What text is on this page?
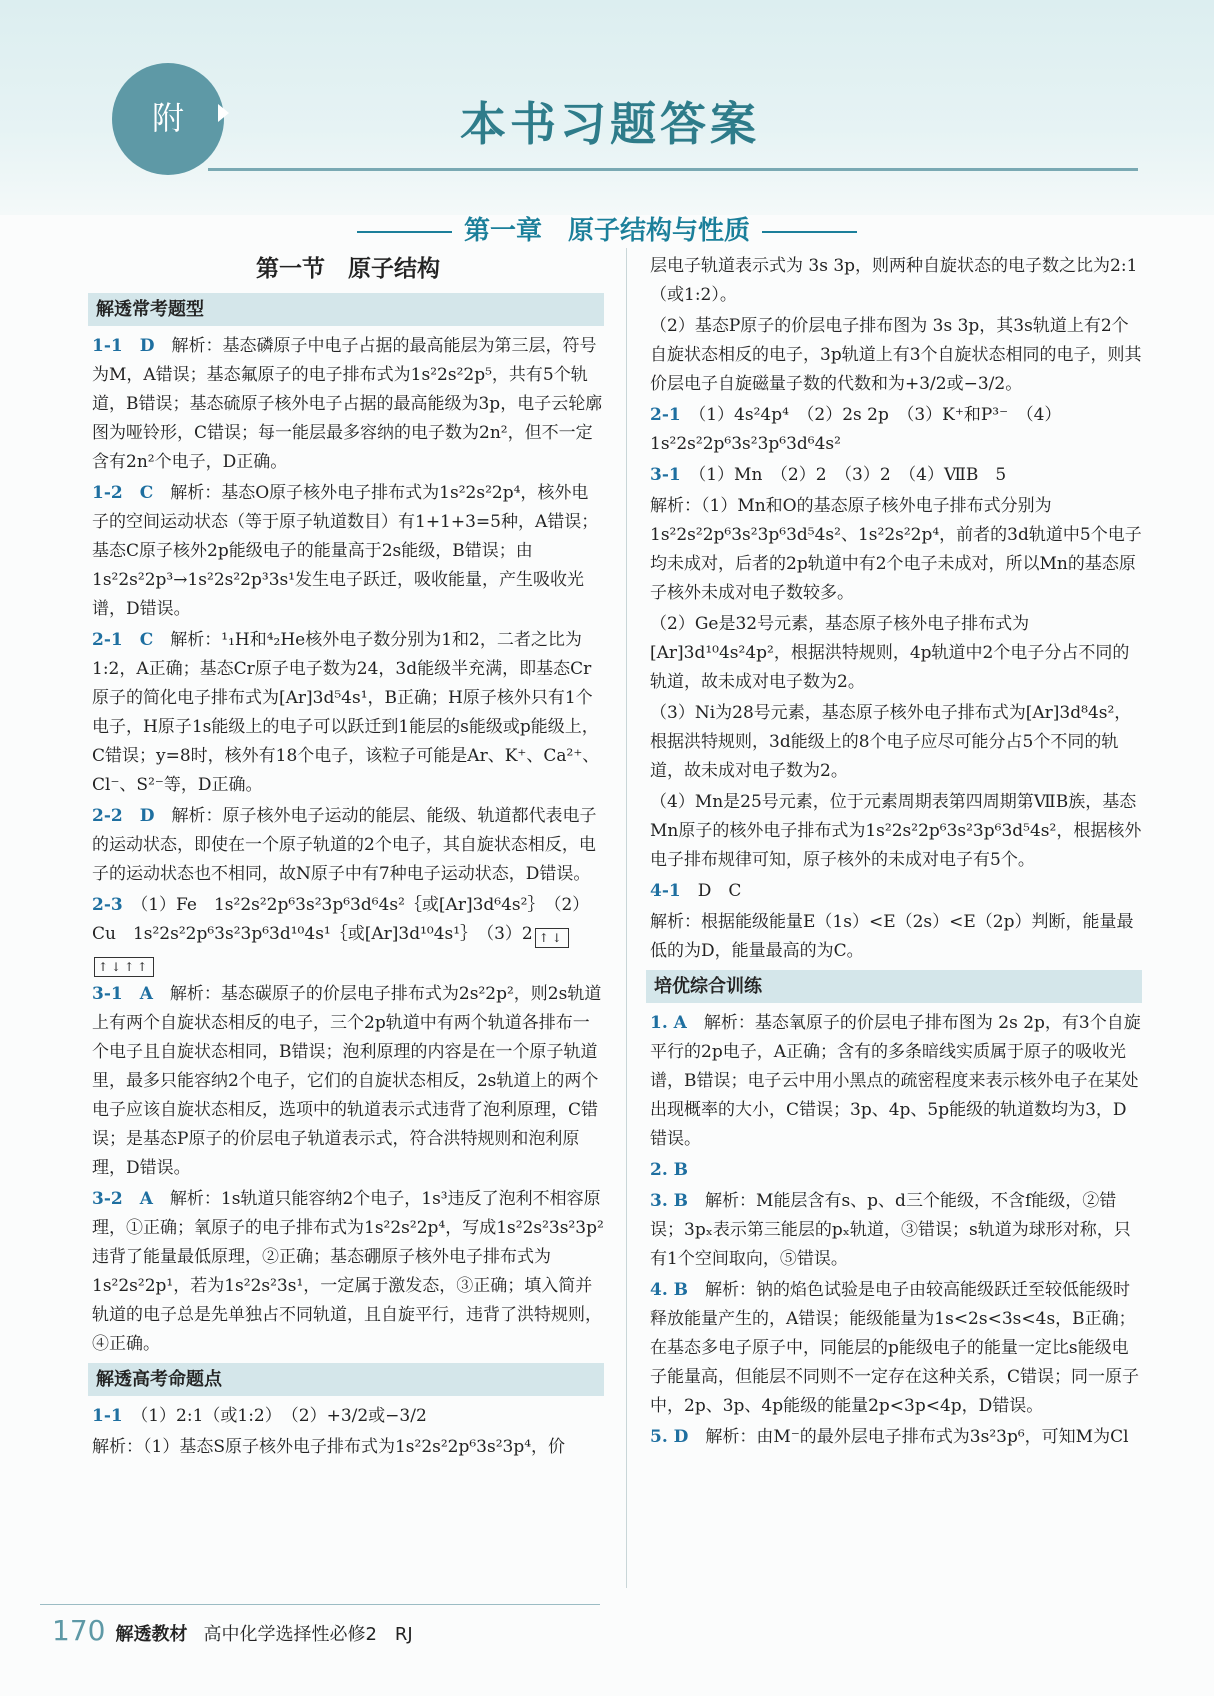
附	本书习题答案
第一章　原子结构与性质
第一节　原子结构
解透常考题型
1-1　D　 解析：基态磷原子中电子占据的最高能层为第三层，符号为M，A错误；基态氟原子的电子排布式为1s²2s²2p⁵，共有5个轨道，B错误；基态硫原子核外电子占据的最高能级为3p，电子云轮廓图为哑铃形，C错误；每一能层最多容纳的电子数为2n²，但不一定含有2n²个电子，D正确。
1-2　C　 解析：基态O原子核外电子排布式为1s²2s²2p⁴，核外电子的空间运动状态（等于原子轨道数目）有1+1+3=5种，A错误；基态C原子核外2p能级电子的能量高于2s能级，B错误；由1s²2s²2p³→1s²2s²2p³3s¹发生电子跃迁，吸收能量，产生吸收光谱，D错误。
2-1　C　 解析：¹₁H和⁴₂He核外电子数分别为1和2，二者之比为1:2，A正确；基态Cr原子电子数为24，3d能级半充满，即基态Cr原子的简化电子排布式为[Ar]3d⁵4s¹，B正确；H原子核外只有1个电子，H原子1s能级上的电子可以跃迁到1能层的s能级或p能级上，C错误；y=8时，核外有18个电子，该粒子可能是Ar、K⁺、Ca²⁺、Cl⁻、S²⁻等，D正确。
2-2　D　 解析：原子核外电子运动的能层、能级、轨道都代表电子的运动状态，即使在一个原子轨道的2个电子，其自旋状态相反，电子的运动状态也不相同，故N原子中有7种电子运动状态，D错误。
2-3　 （1）Fe　1s²2s²2p⁶3s²3p⁶3d⁶4s²｛或[Ar]3d⁶4s²｝　（2）Cu　1s²2s²2p⁶3s²3p⁶3d¹⁰4s¹｛或[Ar]3d¹⁰4s¹｝　（3）2 ↑↓↑↓↑↑
3-1　A　 解析：基态碳原子的价层电子排布式为2s²2p²，则2s轨道上有两个自旋状态相反的电子，三个2p轨道中有两个轨道各排布一个电子且自旋状态相同，B错误；泡利原理的内容是在一个原子轨道里，最多只能容纳2个电子，它们的自旋状态相反，2s轨道上的两个电子应该自旋状态相反，选项中的轨道表示式违背了泡利原理，C错误；是基态P原子的价层电子轨道表示式，符合洪特规则和泡利原理，D错误。
3-2　A　 解析：1s轨道只能容纳2个电子，1s³违反了泡利不相容原理，①正确；氧原子的电子排布式为1s²2s²2p⁴，写成1s²2s²3s²3p²违背了能量最低原理，②正确；基态硼原子核外电子排布式为1s²2s²2p¹，若为1s²2s²3s¹，一定属于激发态，③正确；填入简并轨道的电子总是先单独占不同轨道，且自旋平行，违背了洪特规则，④正确。
解透高考命题点
1-1　 （1）2:1（或1:2）　（2）+3/2或−3/2
解析：（1）基态S原子核外电子排布式为1s²2s²2p⁶3s²3p⁴，价
层电子轨道表示式为 3s 3p，则两种自旋状态的电子数之比为2:1（或1:2）。
（2）基态P原子的价层电子排布图为 3s 3p，其3s轨道上有2个自旋状态相反的电子，3p轨道上有3个自旋状态相同的电子，则其价层电子自旋磁量子数的代数和为+3/2或−3/2。
2-1　 （1）4s²4p⁴　（2）2s 2p　（3）K⁺和P³⁻　（4）1s²2s²2p⁶3s²3p⁶3d⁶4s²
3-1　 （1）Mn　（2）2　（3）2　（4）ⅦB　5
解析：（1）Mn和O的基态原子核外电子排布式分别为1s²2s²2p⁶3s²3p⁶3d⁵4s²、1s²2s²2p⁴，前者的3d轨道中5个电子均未成对，后者的2p轨道中有2个电子未成对，所以Mn的基态原子核外未成对电子数较多。
（2）Ge是32号元素，基态原子核外电子排布式为[Ar]3d¹⁰4s²4p²，根据洪特规则，4p轨道中2个电子分占不同的轨道，故未成对电子数为2。
（3）Ni为28号元素，基态原子核外电子排布式为[Ar]3d⁸4s²，根据洪特规则，3d能级上的8个电子应尽可能分占5个不同的轨道，故未成对电子数为2。
（4）Mn是25号元素，位于元素周期表第四周期第ⅦB族，基态Mn原子的核外电子排布式为1s²2s²2p⁶3s²3p⁶3d⁵4s²，根据核外电子排布规律可知，原子核外的未成对电子有5个。
4-1　 D　C
解析：根据能级能量E（1s）<E（2s）<E（2p）判断，能量最低的为D，能量最高的为C。
培优综合训练
1. A　 解析：基态氧原子的价层电子排布图为 2s 2p，有3个自旋平行的2p电子，A正确；含有的多条暗线实质属于原子的吸收光谱，B错误；电子云中用小黑点的疏密程度来表示核外电子在某处出现概率的大小，C错误；3p、4p、5p能级的轨道数均为3，D错误。
2. B
3. B　 解析：M能层含有s、p、d三个能级，不含f能级，②错误；3pₓ表示第三能层的pₓ轨道，③错误；s轨道为球形对称，只有1个空间取向，⑤错误。
4. B　 解析：钠的焰色试验是电子由较高能级跃迁至较低能级时释放能量产生的，A错误；能级能量为1s<2s<3s<4s，B正确；在基态多电子原子中，同能层的p能级电子的能量一定比s能级电子能量高，但能层不同则不一定存在这种关系，C错误；同一原子中，2p、3p、4p能级的能量2p<3p<4p，D错误。
5. D　 解析：由M⁻的最外层电子排布式为3s²3p⁶，可知M为Cl
170 解透教材 高中化学选择性必修2　RJ
